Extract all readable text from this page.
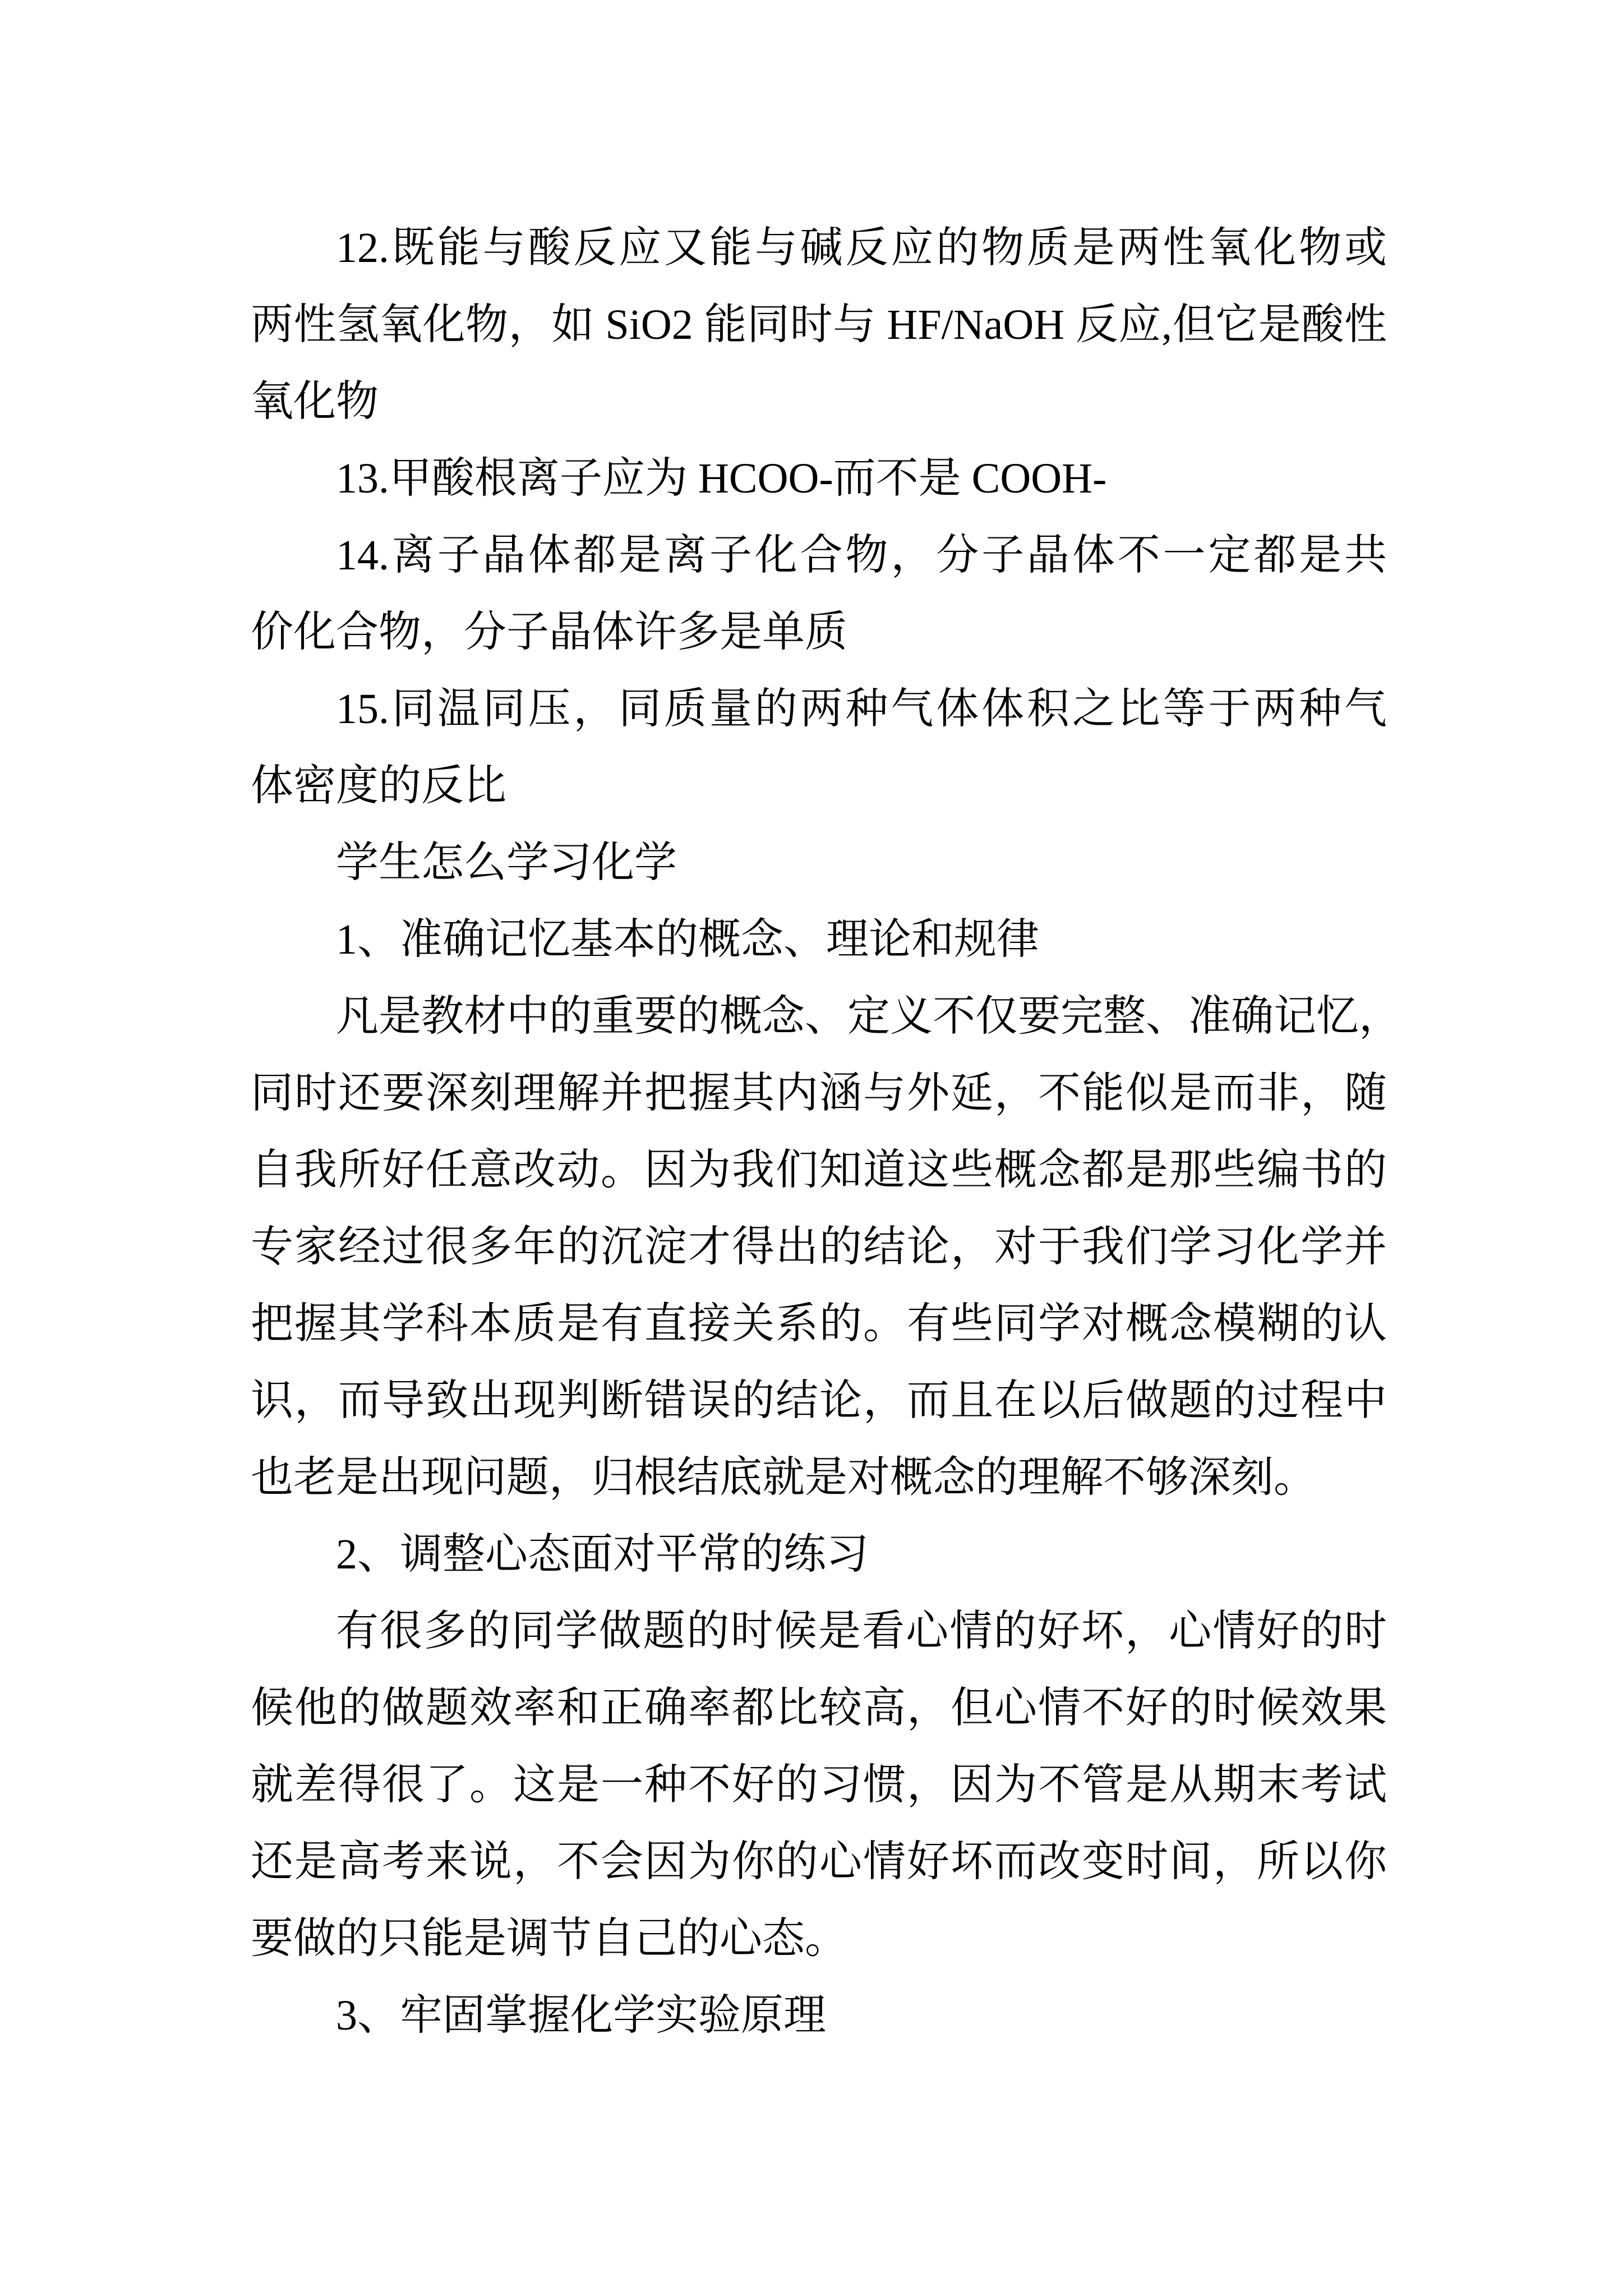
12.既能与酸反应又能与碱反应的物质是两性氧化物或
两性氢氧化物，如 SiO2 能同时与 HF/NaOH 反应,但它是酸性
氧化物
13.甲酸根离子应为 HCOO-而不是 COOH-
14.离子晶体都是离子化合物，分子晶体不一定都是共
价化合物，分子晶体许多是单质
15.同温同压，同质量的两种气体体积之比等于两种气
体密度的反比
学生怎么学习化学
1、准确记忆基本的概念、理论和规律
凡是教材中的重要的概念、定义不仅要完整、准确记忆，
同时还要深刻理解并把握其内涵与外延，不能似是而非，随
自我所好任意改动。因为我们知道这些概念都是那些编书的
专家经过很多年的沉淀才得出的结论，对于我们学习化学并
把握其学科本质是有直接关系的。有些同学对概念模糊的认
识，而导致出现判断错误的结论，而且在以后做题的过程中
也老是出现问题，归根结底就是对概念的理解不够深刻。
2、调整心态面对平常的练习
有很多的同学做题的时候是看心情的好坏，心情好的时
候他的做题效率和正确率都比较高，但心情不好的时候效果
就差得很了。这是一种不好的习惯，因为不管是从期末考试
还是高考来说，不会因为你的心情好坏而改变时间，所以你
要做的只能是调节自己的心态。
3、牢固掌握化学实验原理
